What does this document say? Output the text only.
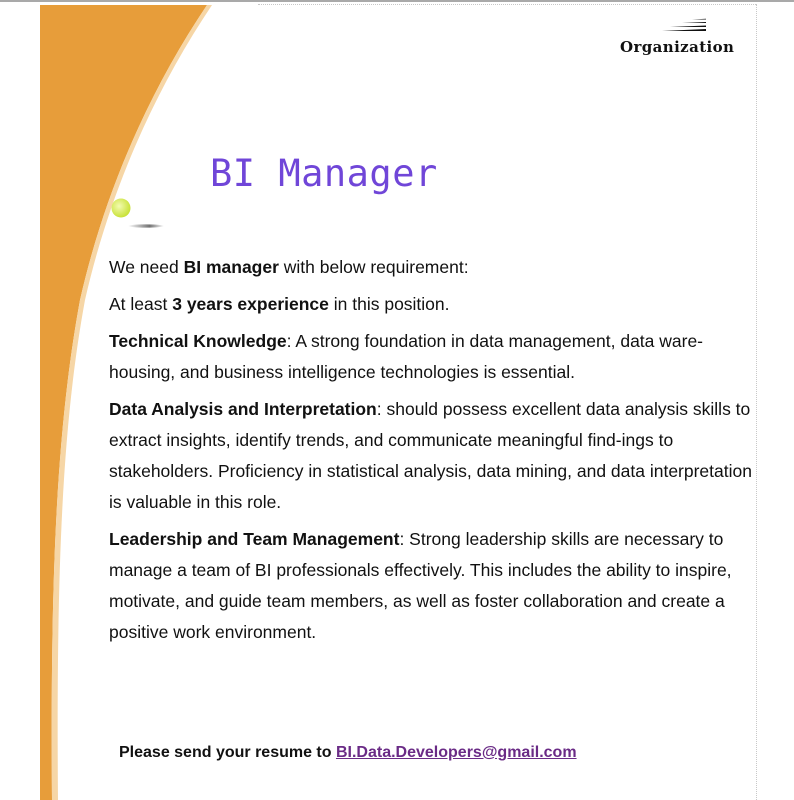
Organization
BI Manager

We need BI manager with below requirement:

At least 3 years experience in this position.

Technical Knowledge: A strong foundation in data management, data ware-housing, and business intelligence technologies is essential.

Data Analysis and Interpretation: should possess excellent data analysis skills to extract insights, identify trends, and communicate meaningful find-ings to stakeholders. Proficiency in statistical analysis, data mining, and data interpretation is valuable in this role.

Leadership and Team Management: Strong leadership skills are necessary to manage a team of BI professionals effectively. This includes the ability to inspire, motivate, and guide team members, as well as foster collaboration and create a positive work environment.

Please send your resume to BI.Data.Developers@gmail.com
